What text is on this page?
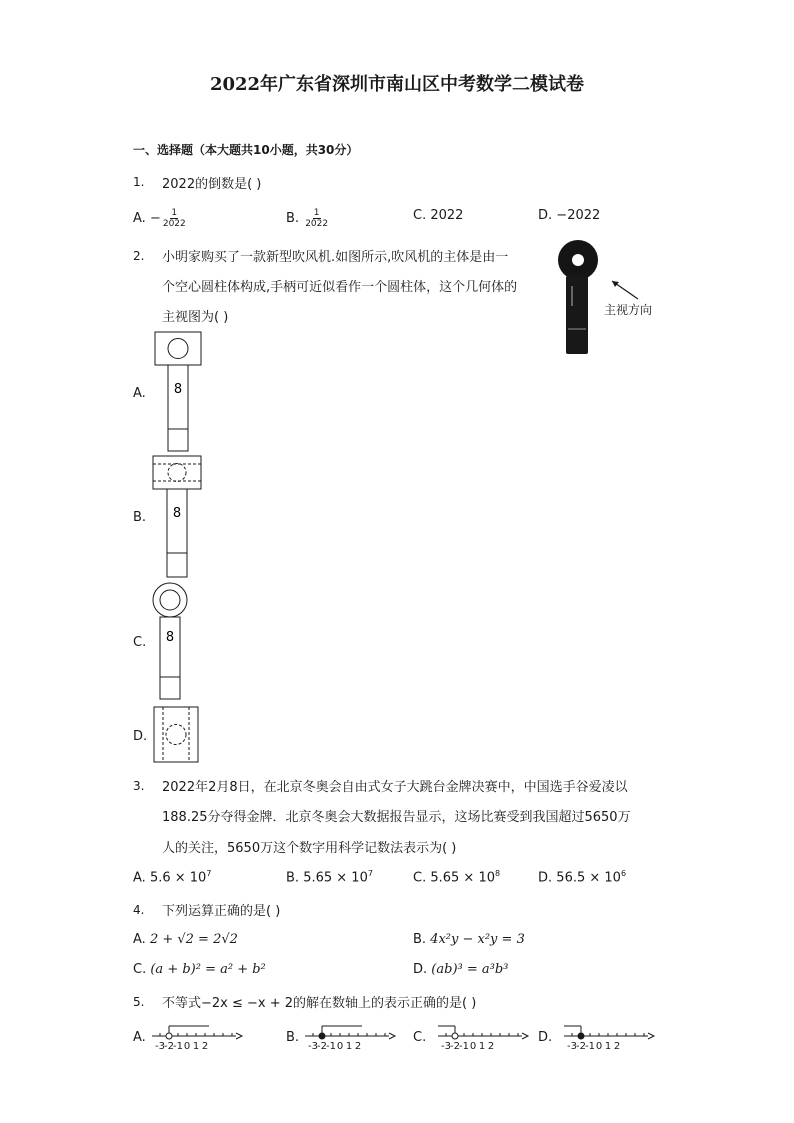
2022年广东省深圳市南山区中考数学二模试卷
一、选择题（本大题共10小题，共30分）
1. 2022的倒数是( )
A. − $\frac{1}{2022}$	B. $\frac{1}{2022}$	C. 2022	D. −2022
2. 小明家购买了一款新型吹风机.如图所示,吹风机的主体是由一
个空心圆柱体构成,手柄可近似看作一个圆柱体，这个几何体的
主视图为( )	主视方向
A. 8
B. 8
C. 8
D.
3. 2022年2月8日，在北京冬奥会自由式女子大跳台金牌决赛中，中国选手谷爱凌以
188.25分夺得金牌．北京冬奥会大数据报告显示，这场比赛受到我国超过5650万
人的关注，5650万这个数字用科学记数法表示为( )
A. $5.6 \times 10^7$	B. $5.65 \times 10^7$	C. $5.65 \times 10^8$	D. $56.5 \times 10^6$
4. 下列运算正确的是( )
A. 2 + √2 = 2√2	B. 4x²y − x²y = 3
C. (a + b)² = a² + b²	D. (ab)³ = a³b³
5. 不等式−2x ≤ −x + 2的解在数轴上的表示正确的是( )
A.	B.	C.	D.
-3 -2 -1 0 1 2	-3 -2 -1 0 1 2	-3 -2 -1 0 1 2	-3 -2 -1 0 1 2
